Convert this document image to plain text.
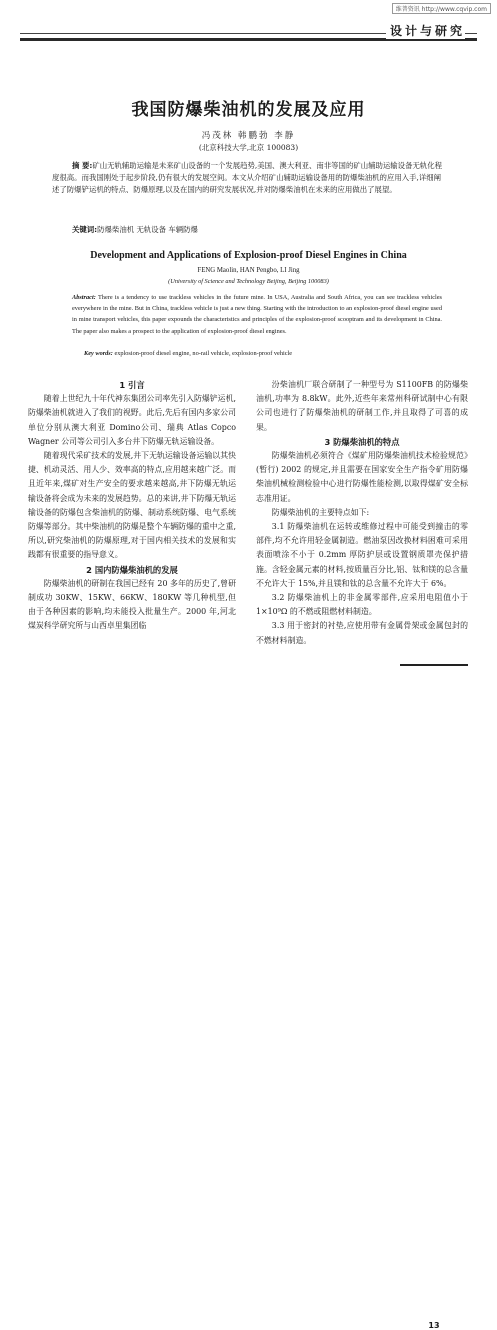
维普资讯 http://www.cqvip.com
设计与研究
我国防爆柴油机的发展及应用
冯茂林 韩鹏勃 李静
(北京科技大学,北京 100083)
摘 要:矿山无轨辅助运输是未来矿山设备的一个发展趋势,美国、澳大利亚、南非等国的矿山辅助运输设备无轨化程度很高。而我国刚处于起步阶段,仍有很大的发展空间。本文从介绍矿山辅助运输设备用的防爆柴油机的应用入手,详细阐述了防爆铲运机的特点、防爆原理,以及在国内的研究发展状况,并对防爆柴油机在未来的应用做出了展望。
关键词:防爆柴油机 无轨设备 车辆防爆
Development and Applications of Explosion-proof Diesel Engines in China
FENG Maolin, HAN Pengbo, LI Jing
(University of Science and Technology Beijing, Beijing 100083)
Abstract: There is a tendency to use trackless vehicles in the future mine. In USA, Australia and South Africa, you can see trackless vehicles everywhere in the mine. But in China, trackless vehicle is just a new thing. Starting with the introduction to an explosion-proof diesel engine used in mine transport vehicles, this paper expounds the characteristics and principles of the explosion-proof scooptram and its development in China. The paper also makes a prospect to the application of explosion-proof diesel engines.
Key words: explosion-proof diesel engine, no-rail vehicle, explosion-proof vehicle
1 引言

随着上世纪九十年代神东集团公司率先引入防爆铲运机,防爆柴油机就进入了我们的视野。此后,先后有国内多家公司单位分别从澳大利亚 Domino公司、瑞典 Atlas Copco Wagner 公司等公司引入多台井下防爆无轨运输设备。

随着现代采矿技术的发展,井下无轨运输设备运输以其快捷、机动灵活、用人少、效率高的特点,应用越来越广泛。而且近年来,煤矿对生产安全的要求越来越高,井下防爆无轨运输设备将会成为未来的发展趋势。总的来讲,井下防爆无轨运输设备的防爆包含柴油机的防爆、制动系统防爆、电气系统防爆等部分。其中柴油机的防爆是整个车辆防爆的重中之重,所以,研究柴油机的防爆原理,对于国内相关技术的发展和实践都有很重要的指导意义。

2 国内防爆柴油机的发展

防爆柴油机的研制在我国已经有 20 多年的历史了,曾研制成功 30KW、15KW、66KW、180KW 等几种机型,但由于各种因素的影响,均未能投入批量生产。2000 年,河北煤炭科学研究所与山西卓里集团临

汾柴油机厂联合研制了一种型号为 S1100FB 的防爆柴油机,功率为 8.8kW。此外,近些年来常州科研试制中心有限公司也进行了防爆柴油机的研制工作,并且取得了可喜的成果。

3 防爆柴油机的特点

防爆柴油机必须符合《煤矿用防爆柴油机技术检验规范》(暂行) 2002 的规定,并且需要在国家安全生产指令矿用防爆柴油机械检测检验中心进行防爆性能检测,以取得煤矿安全标志准用证。

防爆柴油机的主要特点如下:

3.1 防爆柴油机在运转或维修过程中可能受到撞击的零部件,均不允许用轻金属制造。燃油泵因改换材料困难可采用表面喷涂不小于 0.2mm 厚防护层或设置钢质罩壳保护措施。含轻金属元素的材料,按质量百分比,铝、钛和镁的总含量不允许大于 15%,并且镁和钛的总含量不允许大于 6%。

3.2 防爆柴油机上的非金属零部件,应采用电阻值小于 1×10⁹Ω 的不燃或阻燃材料制造。

3.3 用于密封的衬垫,应使用带有金属骨架或金属包封的不燃材料制造。

13
